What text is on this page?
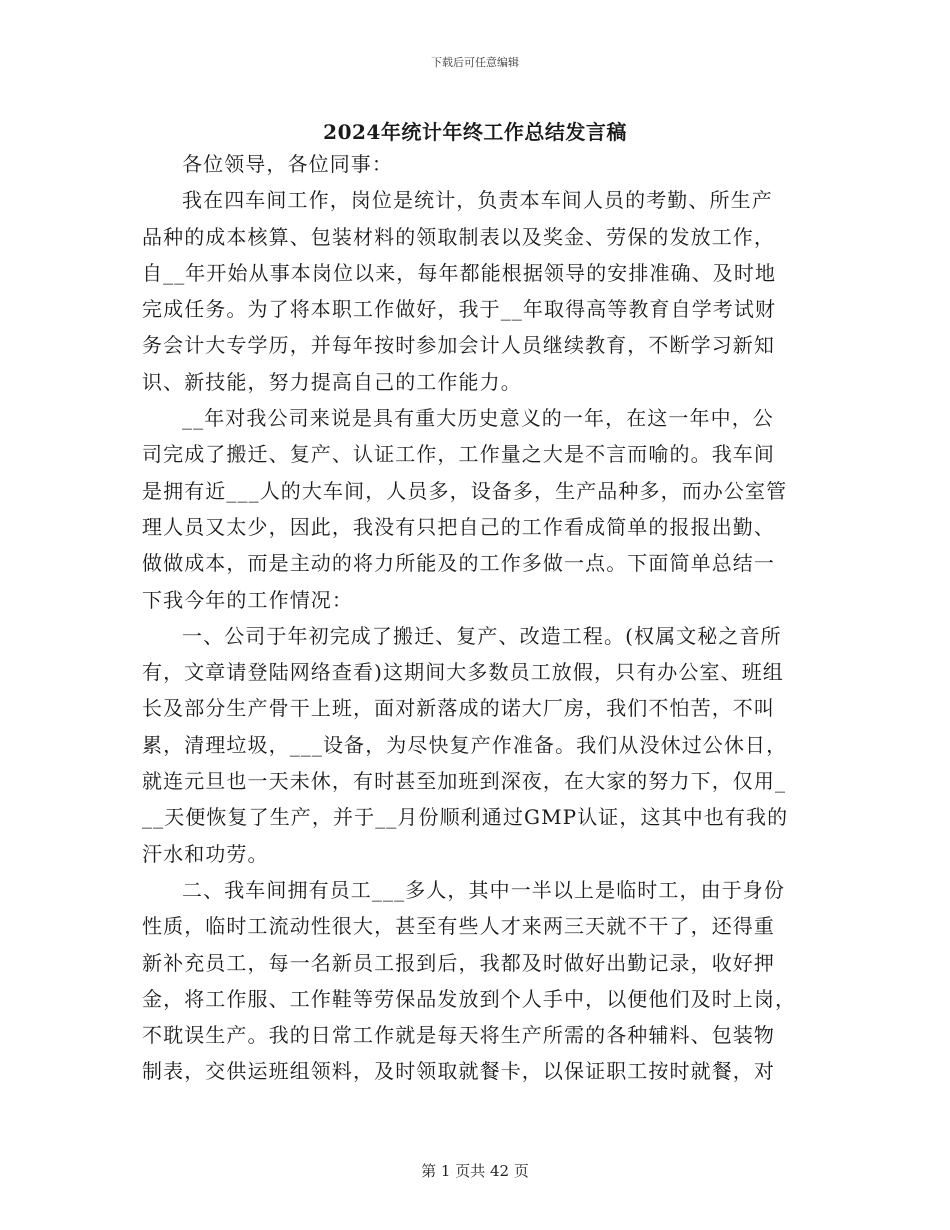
下载后可任意编辑
2024年统计年终工作总结发言稿
各位领导，各位同事：
我在四车间工作，岗位是统计，负责本车间人员的考勤、所生产
品种的成本核算、包装材料的领取制表以及奖金、劳保的发放工作，
自__年开始从事本岗位以来，每年都能根据领导的安排准确、及时地
完成任务。为了将本职工作做好，我于__年取得高等教育自学考试财
务会计大专学历，并每年按时参加会计人员继续教育，不断学习新知
识、新技能，努力提高自己的工作能力。
__年对我公司来说是具有重大历史意义的一年，在这一年中，公
司完成了搬迁、复产、认证工作，工作量之大是不言而喻的。我车间
是拥有近___人的大车间，人员多，设备多，生产品种多，而办公室管
理人员又太少，因此，我没有只把自己的工作看成简单的报报出勤、
做做成本，而是主动的将力所能及的工作多做一点。下面简单总结一
下我今年的工作情况：
一、公司于年初完成了搬迁、复产、改造工程。(权属文秘之音所
有，文章请登陆网络查看)这期间大多数员工放假，只有办公室、班组
长及部分生产骨干上班，面对新落成的诺大厂房，我们不怕苦，不叫
累，清理垃圾，___设备，为尽快复产作准备。我们从没休过公休日，
就连元旦也一天未休，有时甚至加班到深夜，在大家的努力下，仅用_
__天便恢复了生产，并于__月份顺利通过GMP认证，这其中也有我的
汗水和功劳。
二、我车间拥有员工___多人，其中一半以上是临时工，由于身份
性质，临时工流动性很大，甚至有些人才来两三天就不干了，还得重
新补充员工，每一名新员工报到后，我都及时做好出勤记录，收好押
金，将工作服、工作鞋等劳保品发放到个人手中，以便他们及时上岗，
不耽误生产。我的日常工作就是每天将生产所需的各种辅料、包装物
制表，交供运班组领料，及时领取就餐卡，以保证职工按时就餐，对
第 1 页共 42 页
